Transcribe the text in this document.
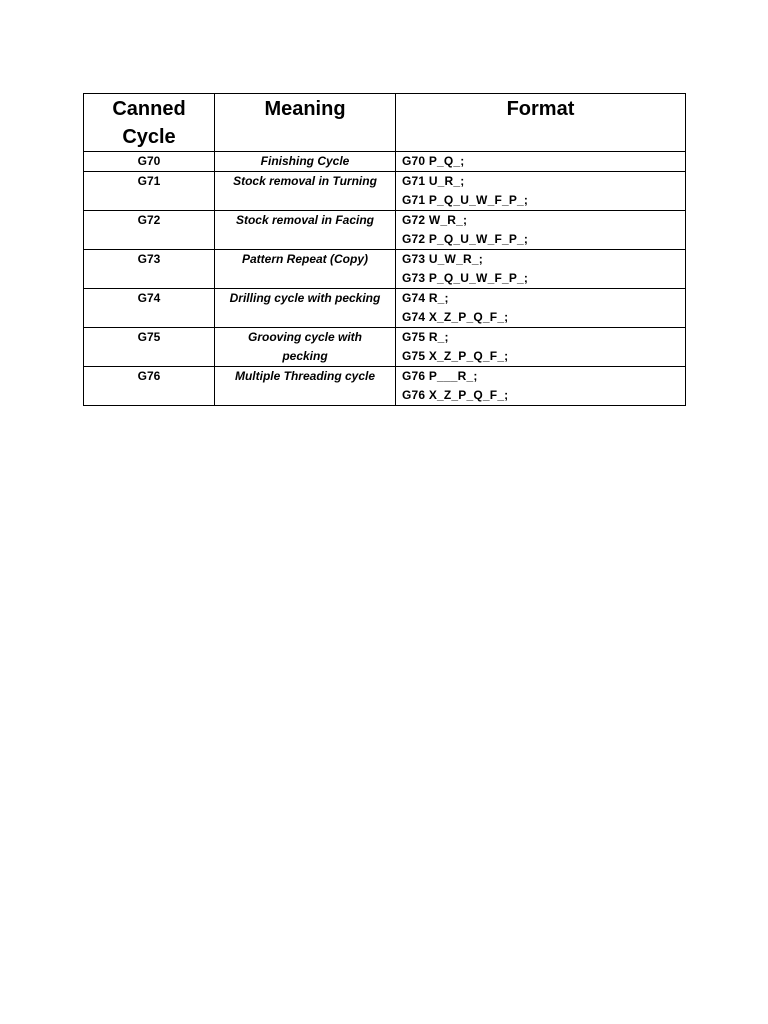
Canned Cycle	Meaning	Format
G70	Finishing Cycle	G70 P_Q_;

G71	Stock removal in Turning	G71 U_R_;
G71 P_Q_U_W_F_P_;

G72	Stock removal in Facing	G72 W_R_;
G72 P_Q_U_W_F_P_;

G73	Pattern Repeat (Copy)	G73 U_W_R_;
G73 P_Q_U_W_F_P_;

G74	Drilling cycle with pecking	G74 R_;
G74 X_Z_P_Q_F_;

G75	Grooving cycle with pecking	G75 R_;
G75 X_Z_P_Q_F_;

G76	Multiple Threading cycle	G76 P___R_;
G76 X_Z_P_Q_F_;
